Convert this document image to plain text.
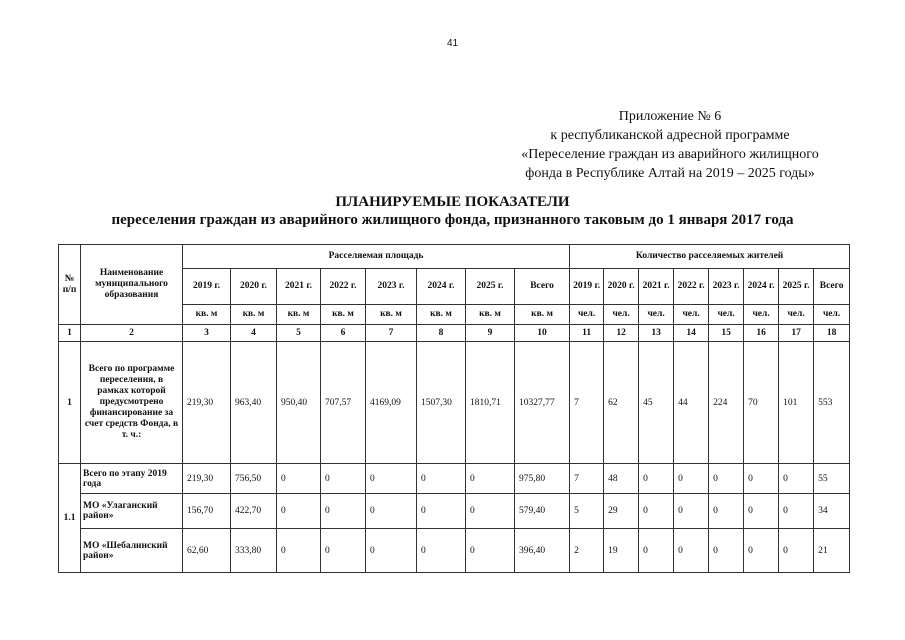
41
Приложение № 6
к республиканской адресной программе
«Переселение граждан из аварийного жилищного
фонда в Республике Алтай на 2019 – 2025 годы»
ПЛАНИРУЕМЫЕ ПОКАЗАТЕЛИ
переселения граждан из аварийного жилищного фонда, признанного таковым до 1 января 2017 года
№ п/п	Наименование муниципального образования	Расселяемая площадь								Количество расселяемых жителей							
		2019 г.	2020 г.	2021 г.	2022 г.	2023 г.	2024 г.	2025 г.	Всего	2019 г.	2020 г.	2021 г.	2022 г.	2023 г.	2024 г.	2025 г.	Всего
		кв. м	кв. м	кв. м	кв. м	кв. м	кв. м	кв. м	кв. м	чел.	чел.	чел.	чел.	чел.	чел.	чел.	чел.
1	2	3	4	5	6	7	8	9	10	11	12	13	14	15	16	17	18
1	Всего по программе переселения, в рамках которой предусмотрено финансирование за счет средств Фонда, в т. ч.:	219,30	963,40	950,40	707,57	4169,09	1507,30	1810,71	10327,77	7	62	45	44	224	70	101	553
1.1	Всего по этапу 2019 года	219,30	756,50	0	0	0	0	0	975,80	7	48	0	0	0	0	0	55
	МО «Улаганский район»	156,70	422,70	0	0	0	0	0	579,40	5	29	0	0	0	0	0	34
	МО «Шебалинский район»	62,60	333,80	0	0	0	0	0	396,40	2	19	0	0	0	0	0	21
